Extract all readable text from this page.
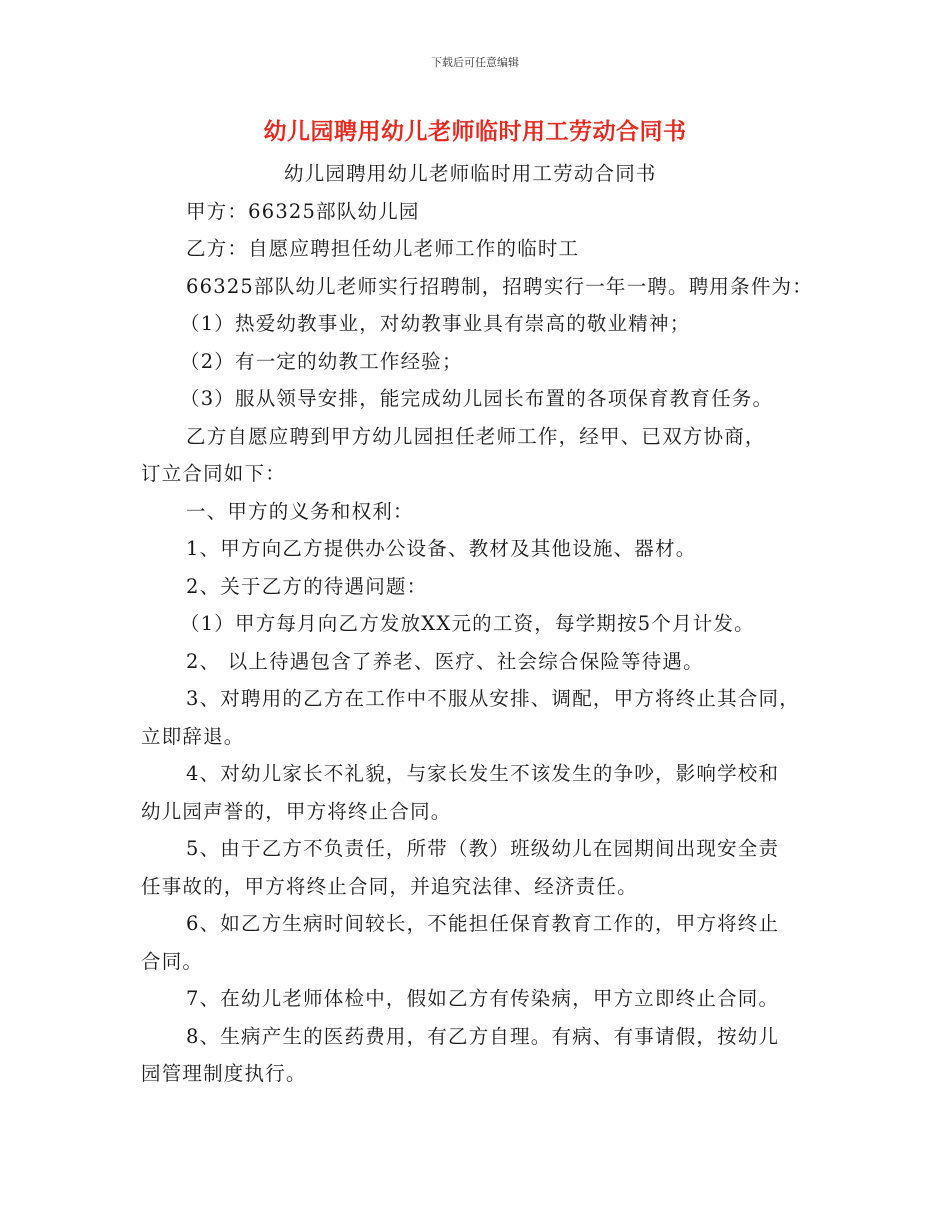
下载后可任意编辑
幼儿园聘用幼儿老师临时用工劳动合同书
幼儿园聘用幼儿老师临时用工劳动合同书
甲方：66325部队幼儿园
乙方：自愿应聘担任幼儿老师工作的临时工
66325部队幼儿老师实行招聘制，招聘实行一年一聘。聘用条件为：
（1）热爱幼教事业，对幼教事业具有崇高的敬业精神；
（2）有一定的幼教工作经验；
（3）服从领导安排，能完成幼儿园长布置的各项保育教育任务。
乙方自愿应聘到甲方幼儿园担任老师工作，经甲、已双方协商，
订立合同如下：
一、甲方的义务和权利：
1、甲方向乙方提供办公设备、教材及其他设施、器材。
2、关于乙方的待遇问题：
（1）甲方每月向乙方发放XX元的工资，每学期按5个月计发。
2、 以上待遇包含了养老、医疗、社会综合保险等待遇。
3、对聘用的乙方在工作中不服从安排、调配，甲方将终止其合同，
立即辞退。
4、对幼儿家长不礼貌，与家长发生不该发生的争吵，影响学校和
幼儿园声誉的，甲方将终止合同。
5、由于乙方不负责任，所带（教）班级幼儿在园期间出现安全责
任事故的，甲方将终止合同，并追究法律、经济责任。
6、如乙方生病时间较长，不能担任保育教育工作的，甲方将终止
合同。
7、在幼儿老师体检中，假如乙方有传染病，甲方立即终止合同。
8、生病产生的医药费用，有乙方自理。有病、有事请假，按幼儿
园管理制度执行。
